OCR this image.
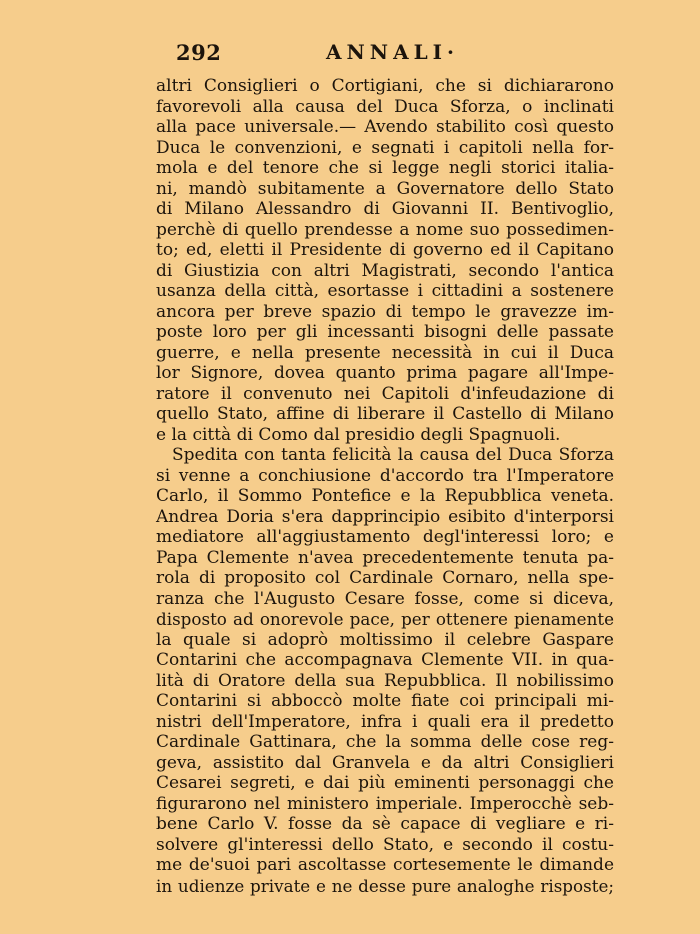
292	ANNALI·
altri Consiglieri o Cortigiani, che si dichiararono
favorevoli alla causa del Duca Sforza, o inclinati
alla pace universale.— Avendo stabilito così questo
Duca le convenzioni, e segnati i capitoli nella for-
mola e del tenore che si legge negli storici italia-
ni, mandò subitamente a Governatore dello Stato
di Milano Alessandro di Giovanni II. Bentivoglio,
perchè di quello prendesse a nome suo possedimen-
to; ed, eletti il Presidente di governo ed il Capitano
di Giustizia con altri Magistrati, secondo l'antica
usanza della città, esortasse i cittadini a sostenere
ancora per breve spazio di tempo le gravezze im-
poste loro per gli incessanti bisogni delle passate
guerre, e nella presente necessità in cui il Duca
lor Signore, dovea quanto prima pagare all'Impe-
ratore il convenuto nei Capitoli d'infeudazione di
quello Stato, affine di liberare il Castello di Milano
e la città di Como dal presidio degli Spagnuoli.
Spedita con tanta felicità la causa del Duca Sforza
si venne a conchiusione d'accordo tra l'Imperatore
Carlo, il Sommo Pontefice e la Repubblica veneta.
Andrea Doria s'era dapprincipio esibito d'interporsi
mediatore all'aggiustamento degl'interessi loro; e
Papa Clemente n'avea precedentemente tenuta pa-
rola di proposito col Cardinale Cornaro, nella spe-
ranza che l'Augusto Cesare fosse, come si diceva,
disposto ad onorevole pace, per ottenere pienamente
la quale si adoprò moltissimo il celebre Gaspare
Contarini che accompagnava Clemente VII. in qua-
lità di Oratore della sua Repubblica. Il nobilissimo
Contarini si abboccò molte fiate coi principali mi-
nistri dell'Imperatore, infra i quali era il predetto
Cardinale Gattinara, che la somma delle cose reg-
geva, assistito dal Granvela e da altri Consiglieri
Cesarei segreti, e dai più eminenti personaggi che
figurarono nel ministero imperiale. Imperocchè seb-
bene Carlo V. fosse da sè capace di vegliare e ri-
solvere gl'interessi dello Stato, e secondo il costu-
me de'suoi pari ascoltasse cortesemente le dimande
in udienze private e ne desse pure analoghe risposte;
